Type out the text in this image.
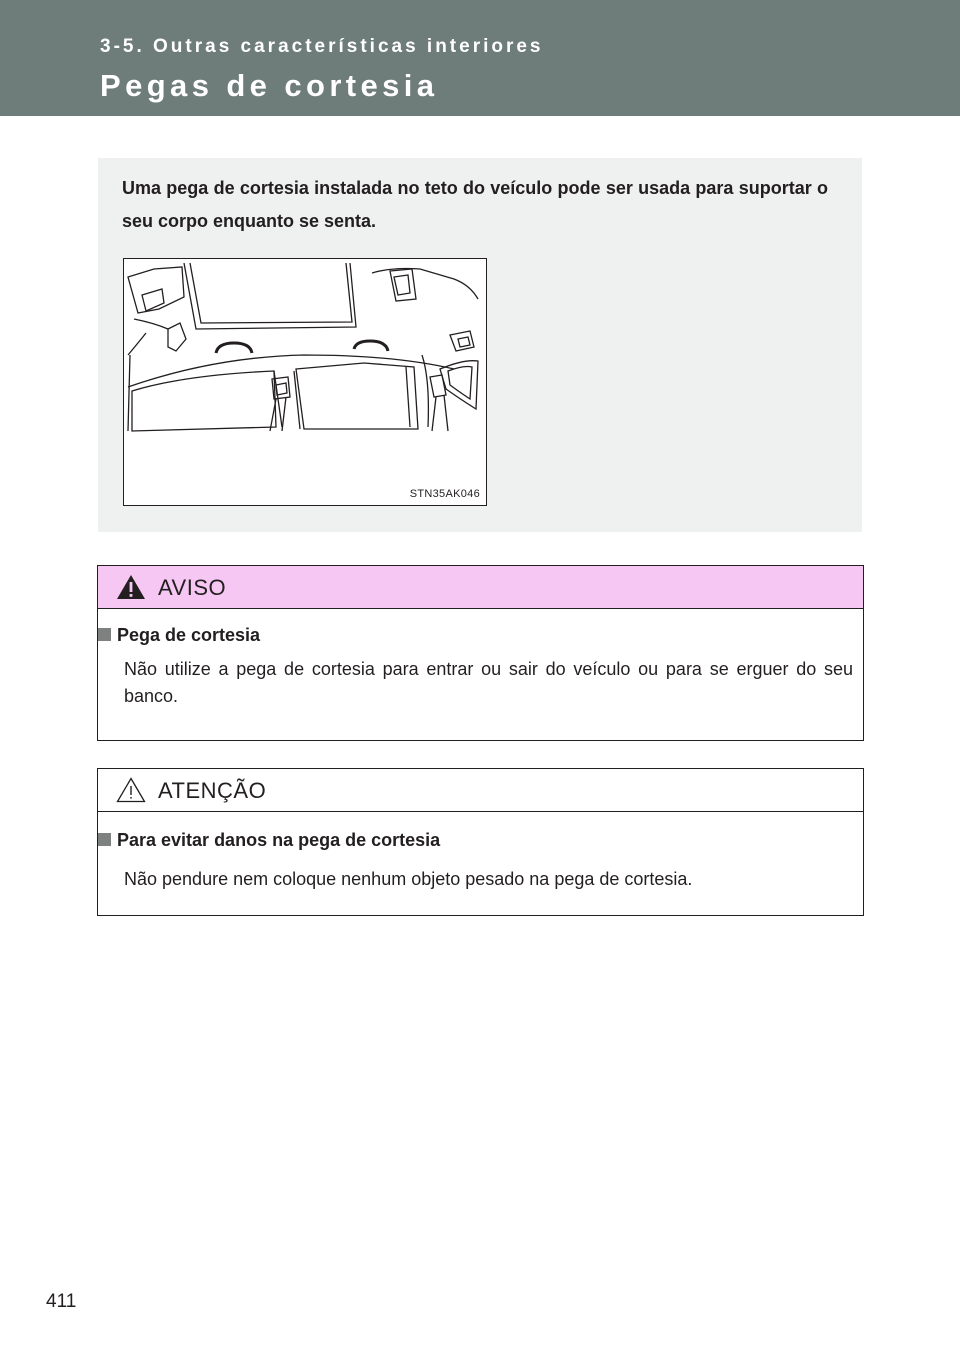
3-5. Outras características interiores
Pegas de cortesia
Uma pega de cortesia instalada no teto do veículo pode ser usada para suportar o seu corpo enquanto se senta.
STN35AK046
AVISO
Pega de cortesia
Não utilize a pega de cortesia para entrar ou sair do veículo ou para se erguer do seu banco.
ATENÇÃO
Para evitar danos na pega de cortesia
Não pendure nem coloque nenhum objeto pesado na pega de cortesia.
411
